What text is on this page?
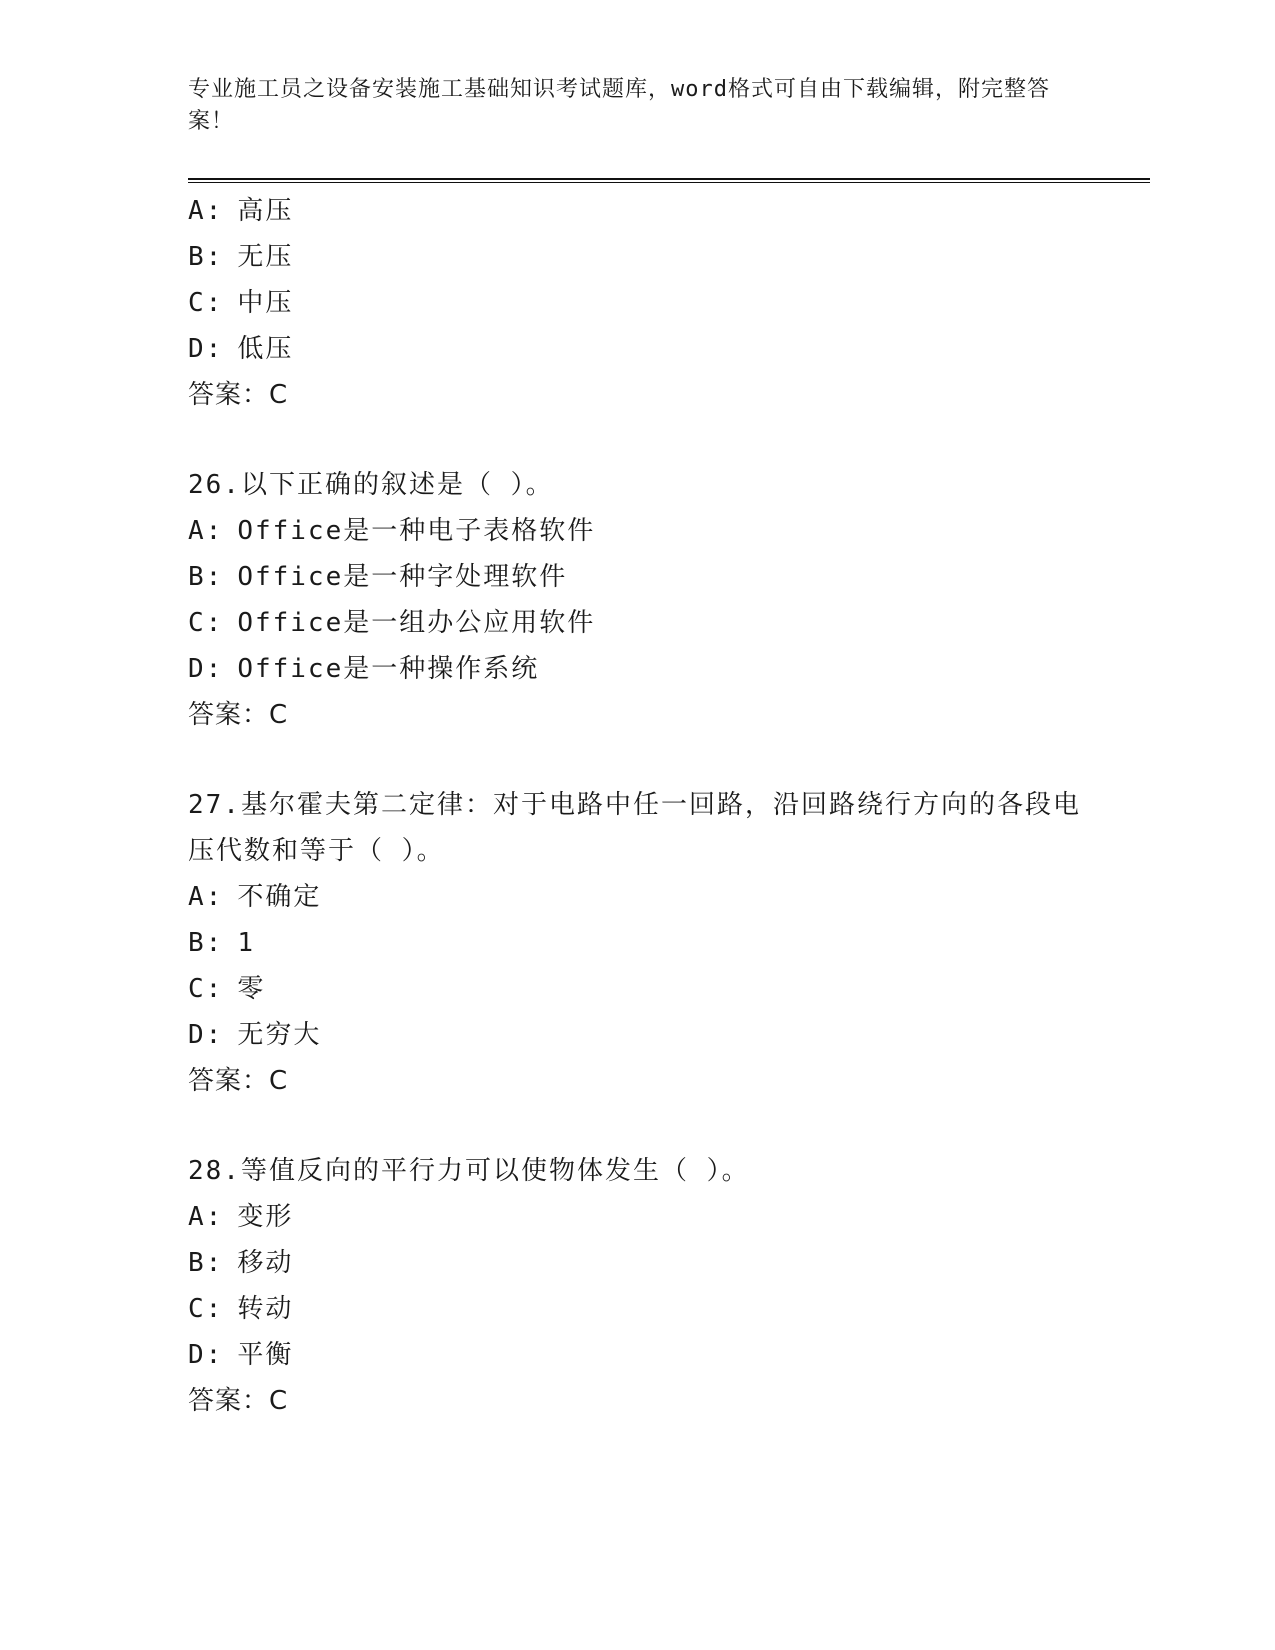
专业施工员之设备安装施工基础知识考试题库，word格式可自由下载编辑，附完整答案！
A: 高压
B: 无压
C: 中压
D: 低压
答案：C
26.以下正确的叙述是（ ）。
A: Office是一种电子表格软件
B: Office是一种字处理软件
C: Office是一组办公应用软件
D: Office是一种操作系统
答案：C
27.基尔霍夫第二定律：对于电路中任一回路，沿回路绕行方向的各段电压代数和等于（ ）。
A: 不确定
B: 1
C: 零
D: 无穷大
答案：C
28.等值反向的平行力可以使物体发生（ ）。
A: 变形
B: 移动
C: 转动
D: 平衡
答案：C
